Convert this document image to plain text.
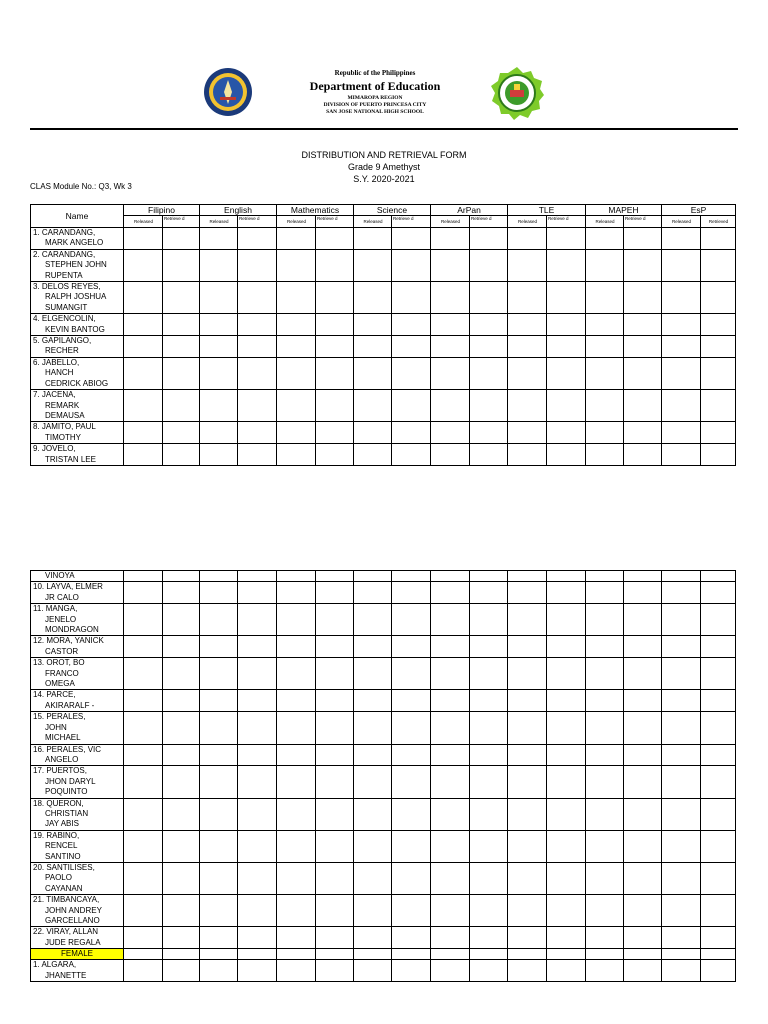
Republic of the Philippines
Department of Education
MIMAROPA REGION
DIVISION OF PUERTO PRINCESA CITY
SAN JOSE NATIONAL HIGH SCHOOL
DISTRIBUTION AND RETRIEVAL FORM
Grade 9 Amethyst
S.Y. 2020-2021
CLAS Module No.: Q3, Wk 3
Name	Filipino		English		Mathematics		Science		ArPan		TLE		MAPEH		EsP	
	Released	Retrieve d	Released	Retrieve d	Released	Retrieve d	Released	Retrieve d	Released	Retrieve d	Released	Retrieve d	Released	Retrieve d	Released	Retrieved

1. CARANDANG,
MARK ANGELO																

2. CARANDANG,
STEPHEN JOHN
RUPENTA																

3. DELOS REYES,
RALPH JOSHUA
SUMANGIT																

4. ELGENCOLIN,
KEVIN BANTOG																

5. GAPILANGO,
RECHER																

6. JABELLO,
HANCH
CEDRICK ABIOG																

7. JACENA,
REMARK
DEMAUSA																

8. JAMITO, PAUL
TIMOTHY																

9. JOVELO,
TRISTAN LEE																

VINOYA																

10. LAYVA, ELMER
JR CALO																

11. MANGA,
JENELO
MONDRAGON																

12. MORA, YANICK
CASTOR																

13. OROT, BO
FRANCO
OMEGA																

14. PARCE,
AKIRARALF -																

15. PERALES,
JOHN
MICHAEL																

16. PERALES, VIC
ANGELO																

17. PUERTOS,
JHON DARYL
POQUINTO																

18. QUERON,
CHRISTIAN
JAY ABIS																

19. RABINO,
RENCEL
SANTINO																

20. SANTILISES,
PAOLO
CAYANAN																

21. TIMBANCAYA,
JOHN ANDREY
GARCELLANO																

22. VIRAY, ALLAN
JUDE REGALA																

FEMALE																

1. ALGARA,
JHANETTE																
